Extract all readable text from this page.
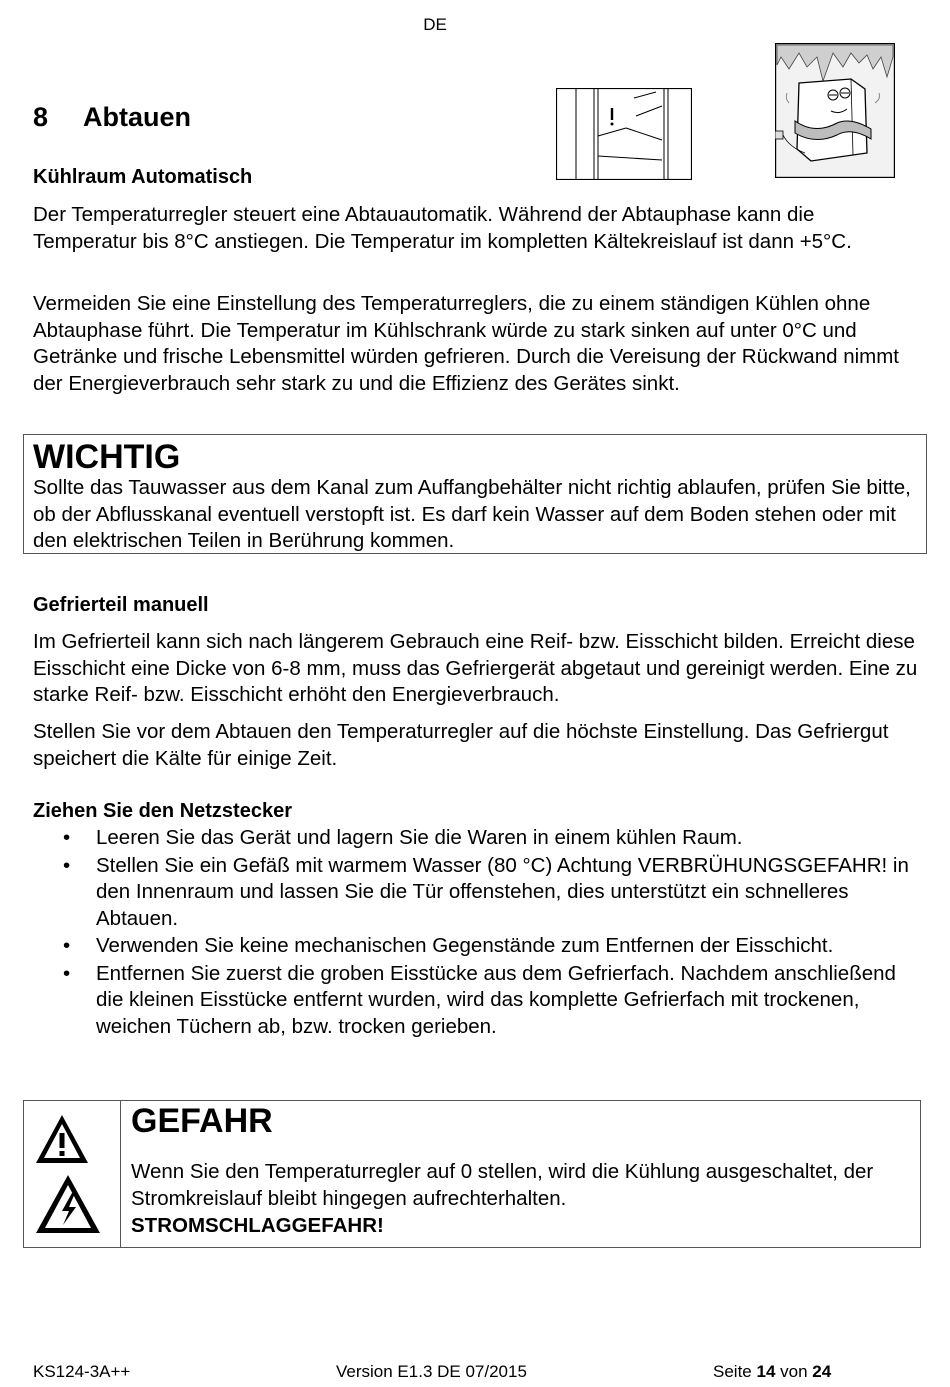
DE
8 Abtauen
Kühlraum Automatisch
Der Temperaturregler steuert eine Abtauautomatik. Während der Abtauphase kann die Temperatur bis 8°C anstiegen. Die Temperatur im kompletten Kältekreislauf ist dann +5°C.
Vermeiden Sie eine Einstellung des Temperaturreglers, die zu einem ständigen Kühlen ohne Abtauphase führt. Die Temperatur im Kühlschrank würde zu stark sinken auf unter 0°C und Getränke und frische Lebensmittel würden gefrieren. Durch die Vereisung der Rückwand nimmt der Energieverbrauch sehr stark zu und die Effizienz des Gerätes sinkt.
WICHTIG
Sollte das Tauwasser aus dem Kanal zum Auffangbehälter nicht richtig ablaufen, prüfen Sie bitte, ob der Abflusskanal eventuell verstopft ist. Es darf kein Wasser auf dem Boden stehen oder mit den elektrischen Teilen in Berührung kommen.
Gefrierteil manuell
Im Gefrierteil kann sich nach längerem Gebrauch eine Reif- bzw. Eisschicht bilden. Erreicht diese Eisschicht eine Dicke von 6-8 mm, muss das Gefriergerät abgetaut und gereinigt werden. Eine zu starke Reif- bzw. Eisschicht erhöht den Energieverbrauch.
Stellen Sie vor dem Abtauen den Temperaturregler auf die höchste Einstellung. Das Gefriergut speichert die Kälte für einige Zeit.
Ziehen Sie den Netzstecker
• Leeren Sie das Gerät und lagern Sie die Waren in einem kühlen Raum.
• Stellen Sie ein Gefäß mit warmem Wasser (80 °C) Achtung VERBRÜHUNGSGEFAHR! in den Innenraum und lassen Sie die Tür offenstehen, dies unterstützt ein schnelleres Abtauen.
• Verwenden Sie keine mechanischen Gegenstände zum Entfernen der Eisschicht.
• Entfernen Sie zuerst die groben Eisstücke aus dem Gefrierfach. Nachdem anschließend die kleinen Eisstücke entfernt wurden, wird das komplette Gefrierfach mit trockenen, weichen Tüchern ab, bzw. trocken gerieben.
GEFAHR
Wenn Sie den Temperaturregler auf 0 stellen, wird die Kühlung ausgeschaltet, der Stromkreislauf bleibt hingegen aufrechterhalten.
STROMSCHLAGGEFAHR!
KS124-3A++	Version E1.3 DE 07/2015	Seite 14 von 24
